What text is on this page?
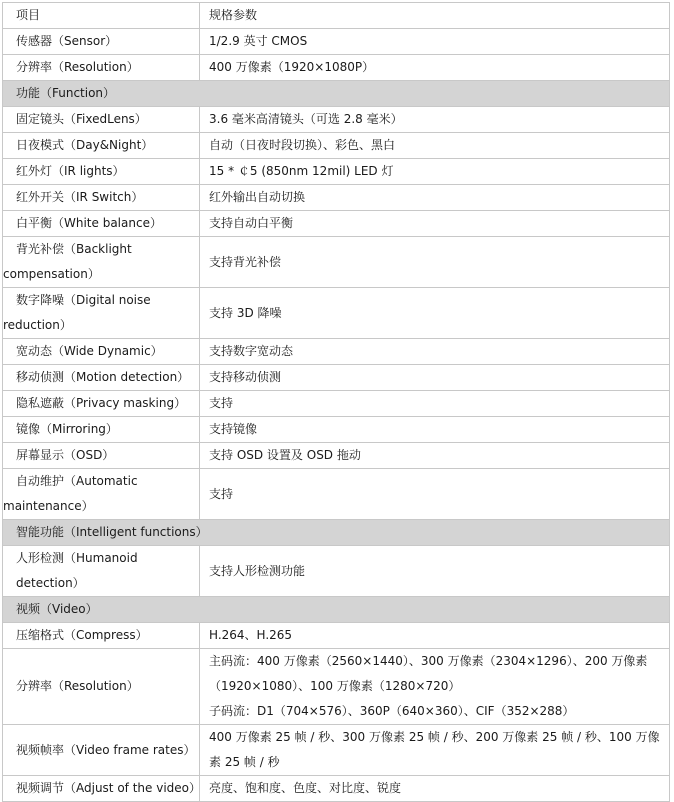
项目	规格参数

传感器（Sensor）	1/2.9 英寸 CMOS

分辨率（Resolution）	400 万像素（1920×1080P）

功能（Function）	

固定镜头（FixedLens）	3.6 毫米高清镜头（可选 2.8 毫米）

日夜模式（Day&Night）	自动（日夜时段切换）、彩色、黑白

红外灯（IR lights）	15 * ￠5 (850nm 12mil) LED 灯

红外开关（IR Switch）	红外输出自动切换

白平衡（White balance）	支持自动白平衡

背光补偿（Backlight compensation）	支持背光补偿

数字降噪（Digital noise reduction）	支持 3D 降噪

宽动态（Wide Dynamic）	支持数字宽动态

移动侦测（Motion detection）	支持移动侦测

隐私遮蔽（Privacy masking）	支持

镜像（Mirroring）	支持镜像

屏幕显示（OSD）	支持 OSD 设置及 OSD 拖动

自动维护（Automatic maintenance）	支持

智能功能（Intelligent functions）	

人形检测（Humanoid detection）	支持人形检测功能

视频（Video）	

压缩格式（Compress）	H.264、H.265

分辨率（Resolution）	主码流：400 万像素（2560×1440）、300 万像素（2304×1296）、200 万像素（1920×1080）、100 万像素（1280×720）
子码流：D1（704×576）、360P（640×360）、CIF（352×288）

视频帧率（Video frame rates）	400 万像素 25 帧 / 秒、300 万像素 25 帧 / 秒、200 万像素 25 帧 / 秒、100 万像素 25 帧 / 秒

视频调节（Adjust of the video）	亮度、饱和度、色度、对比度、锐度
